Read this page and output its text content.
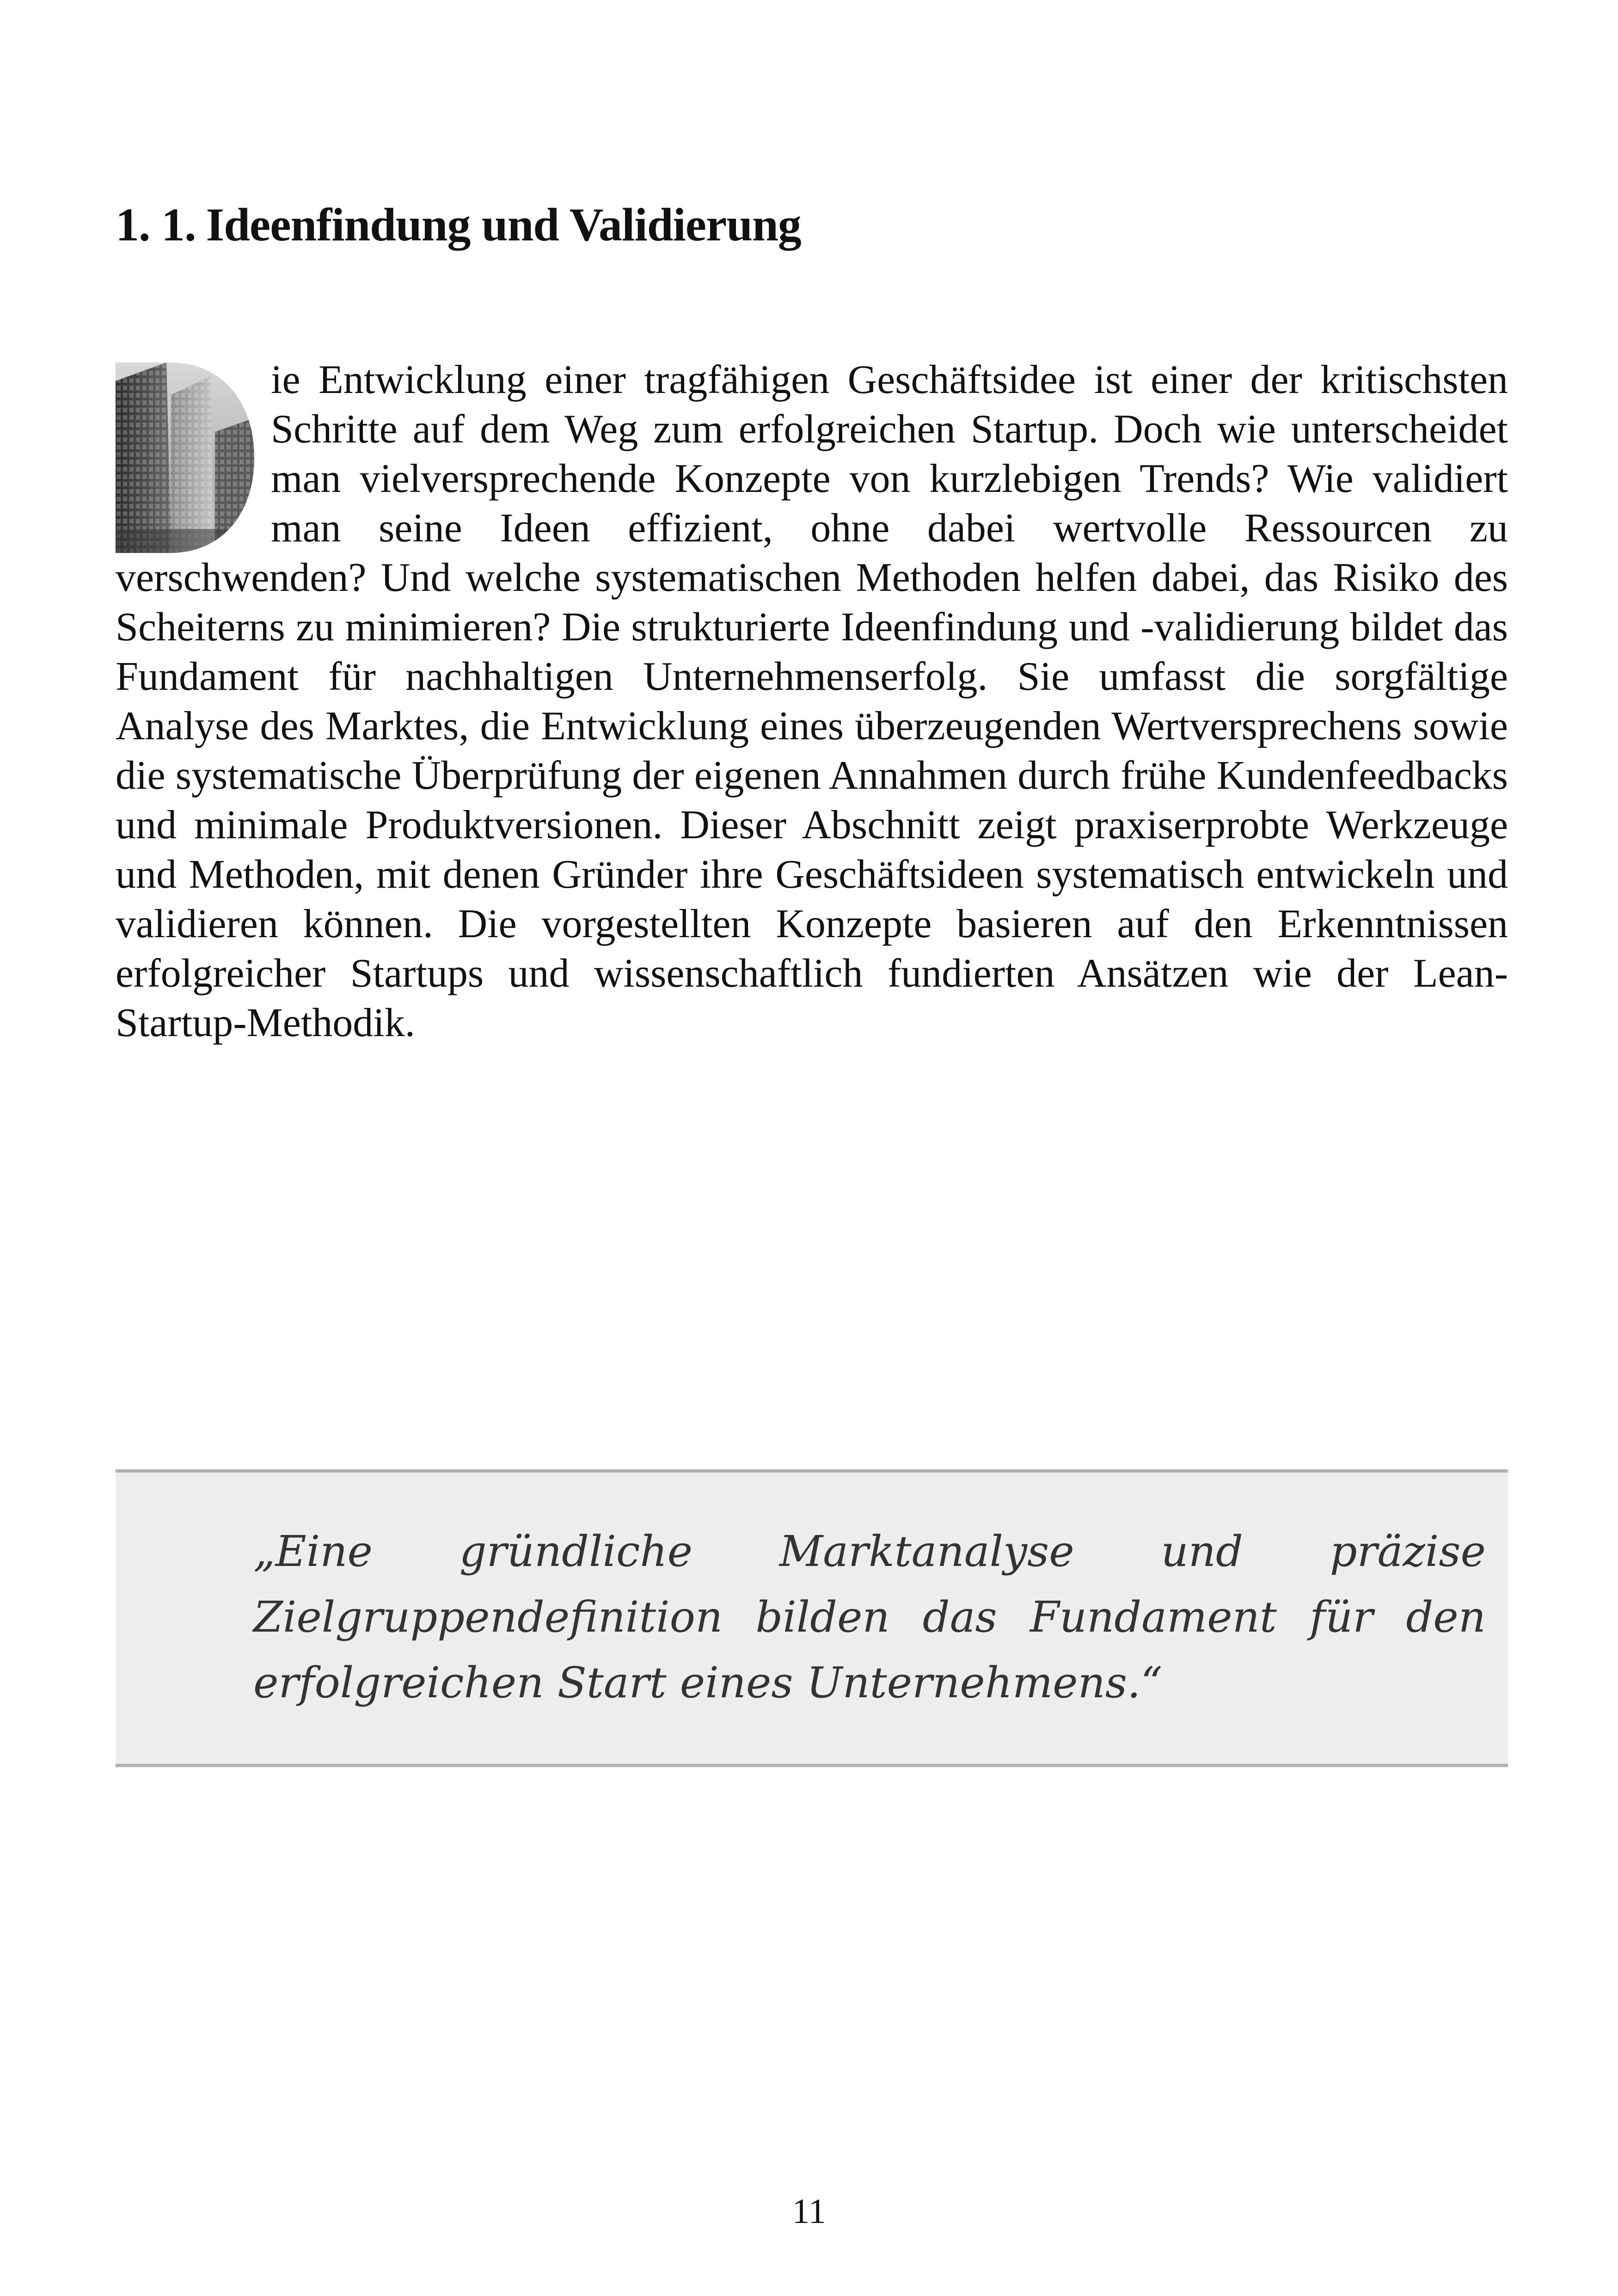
1. 1. Ideenfindung und Validierung

ie Entwicklung einer tragfähigen Geschäftsidee ist einer der kritischsten Schritte auf dem Weg zum erfolgreichen Startup. Doch wie unterscheidet man vielversprechende Konzepte von kurzlebigen Trends? Wie validiert man seine Ideen effizient, ohne dabei wertvolle Ressourcen zu verschwenden? Und welche systematischen Methoden helfen dabei, das Risiko des Scheiterns zu minimieren? Die strukturierte Ideenfindung und -validierung bildet das Fundament für nachhaltigen Unternehmenserfolg. Sie umfasst die sorgfältige Analyse des Marktes, die Entwicklung eines überzeugenden Wertversprechens sowie die systematische Überprüfung der eigenen Annahmen durch frühe Kundenfeedbacks und minimale Produktversionen. Dieser Abschnitt zeigt praxiserprobte Werkzeuge und Methoden, mit denen Gründer ihre Geschäftsideen systematisch entwickeln und validieren können. Die vorgestellten Konzepte basieren auf den Erkenntnissen erfolgreicher Startups und wissenschaftlich fundierten Ansätzen wie der Lean-Startup-Methodik.

„Eine gründliche Marktanalyse und präzise Zielgruppendefinition bilden das Fundament für den erfolgreichen Start eines Unternehmens.“

11
